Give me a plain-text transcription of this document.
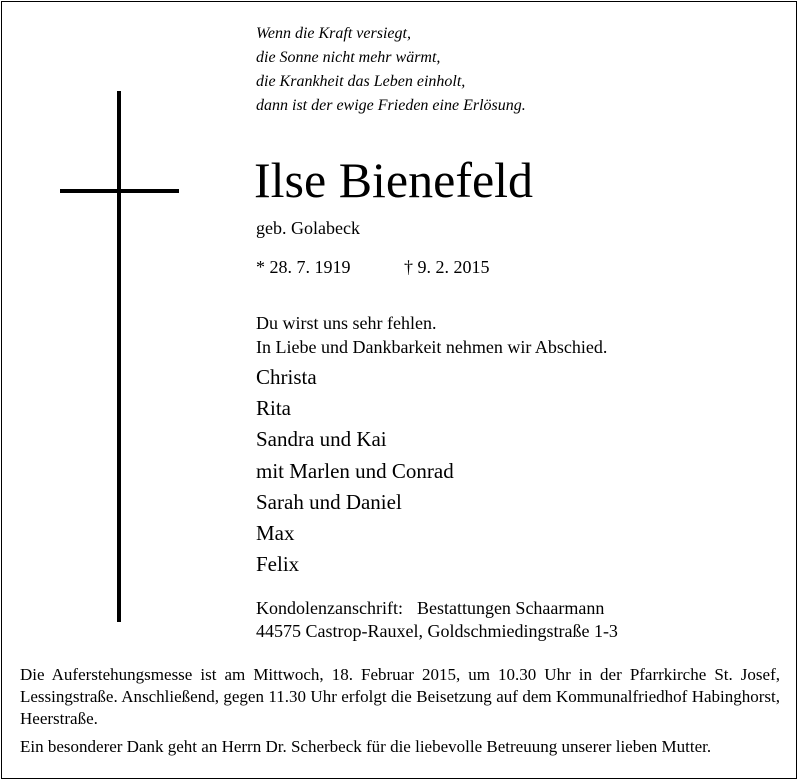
Wenn die Kraft versiegt,
die Sonne nicht mehr wärmt,
die Krankheit das Leben einholt,
dann ist der ewige Frieden eine Erlösung.
Ilse Bienefeld
geb. Golabeck
* 28. 7. 1919	† 9. 2. 2015
Du wirst uns sehr fehlen.
In Liebe und Dankbarkeit nehmen wir Abschied.
Christa
Rita
Sandra und Kai
mit Marlen und Conrad
Sarah und Daniel
Max
Felix
Kondolenzanschrift: Bestattungen Schaarmann
44575 Castrop-Rauxel, Goldschmiedingstraße 1-3
Die Auferstehungsmesse ist am Mittwoch, 18. Februar 2015, um 10.30 Uhr in der Pfarrkirche St. Josef, Lessingstraße. Anschließend, gegen 11.30 Uhr erfolgt die Beisetzung auf dem Kommunalfriedhof Habinghorst, Heerstraße.
Ein besonderer Dank geht an Herrn Dr. Scherbeck für die liebevolle Betreuung unserer lieben Mutter.
